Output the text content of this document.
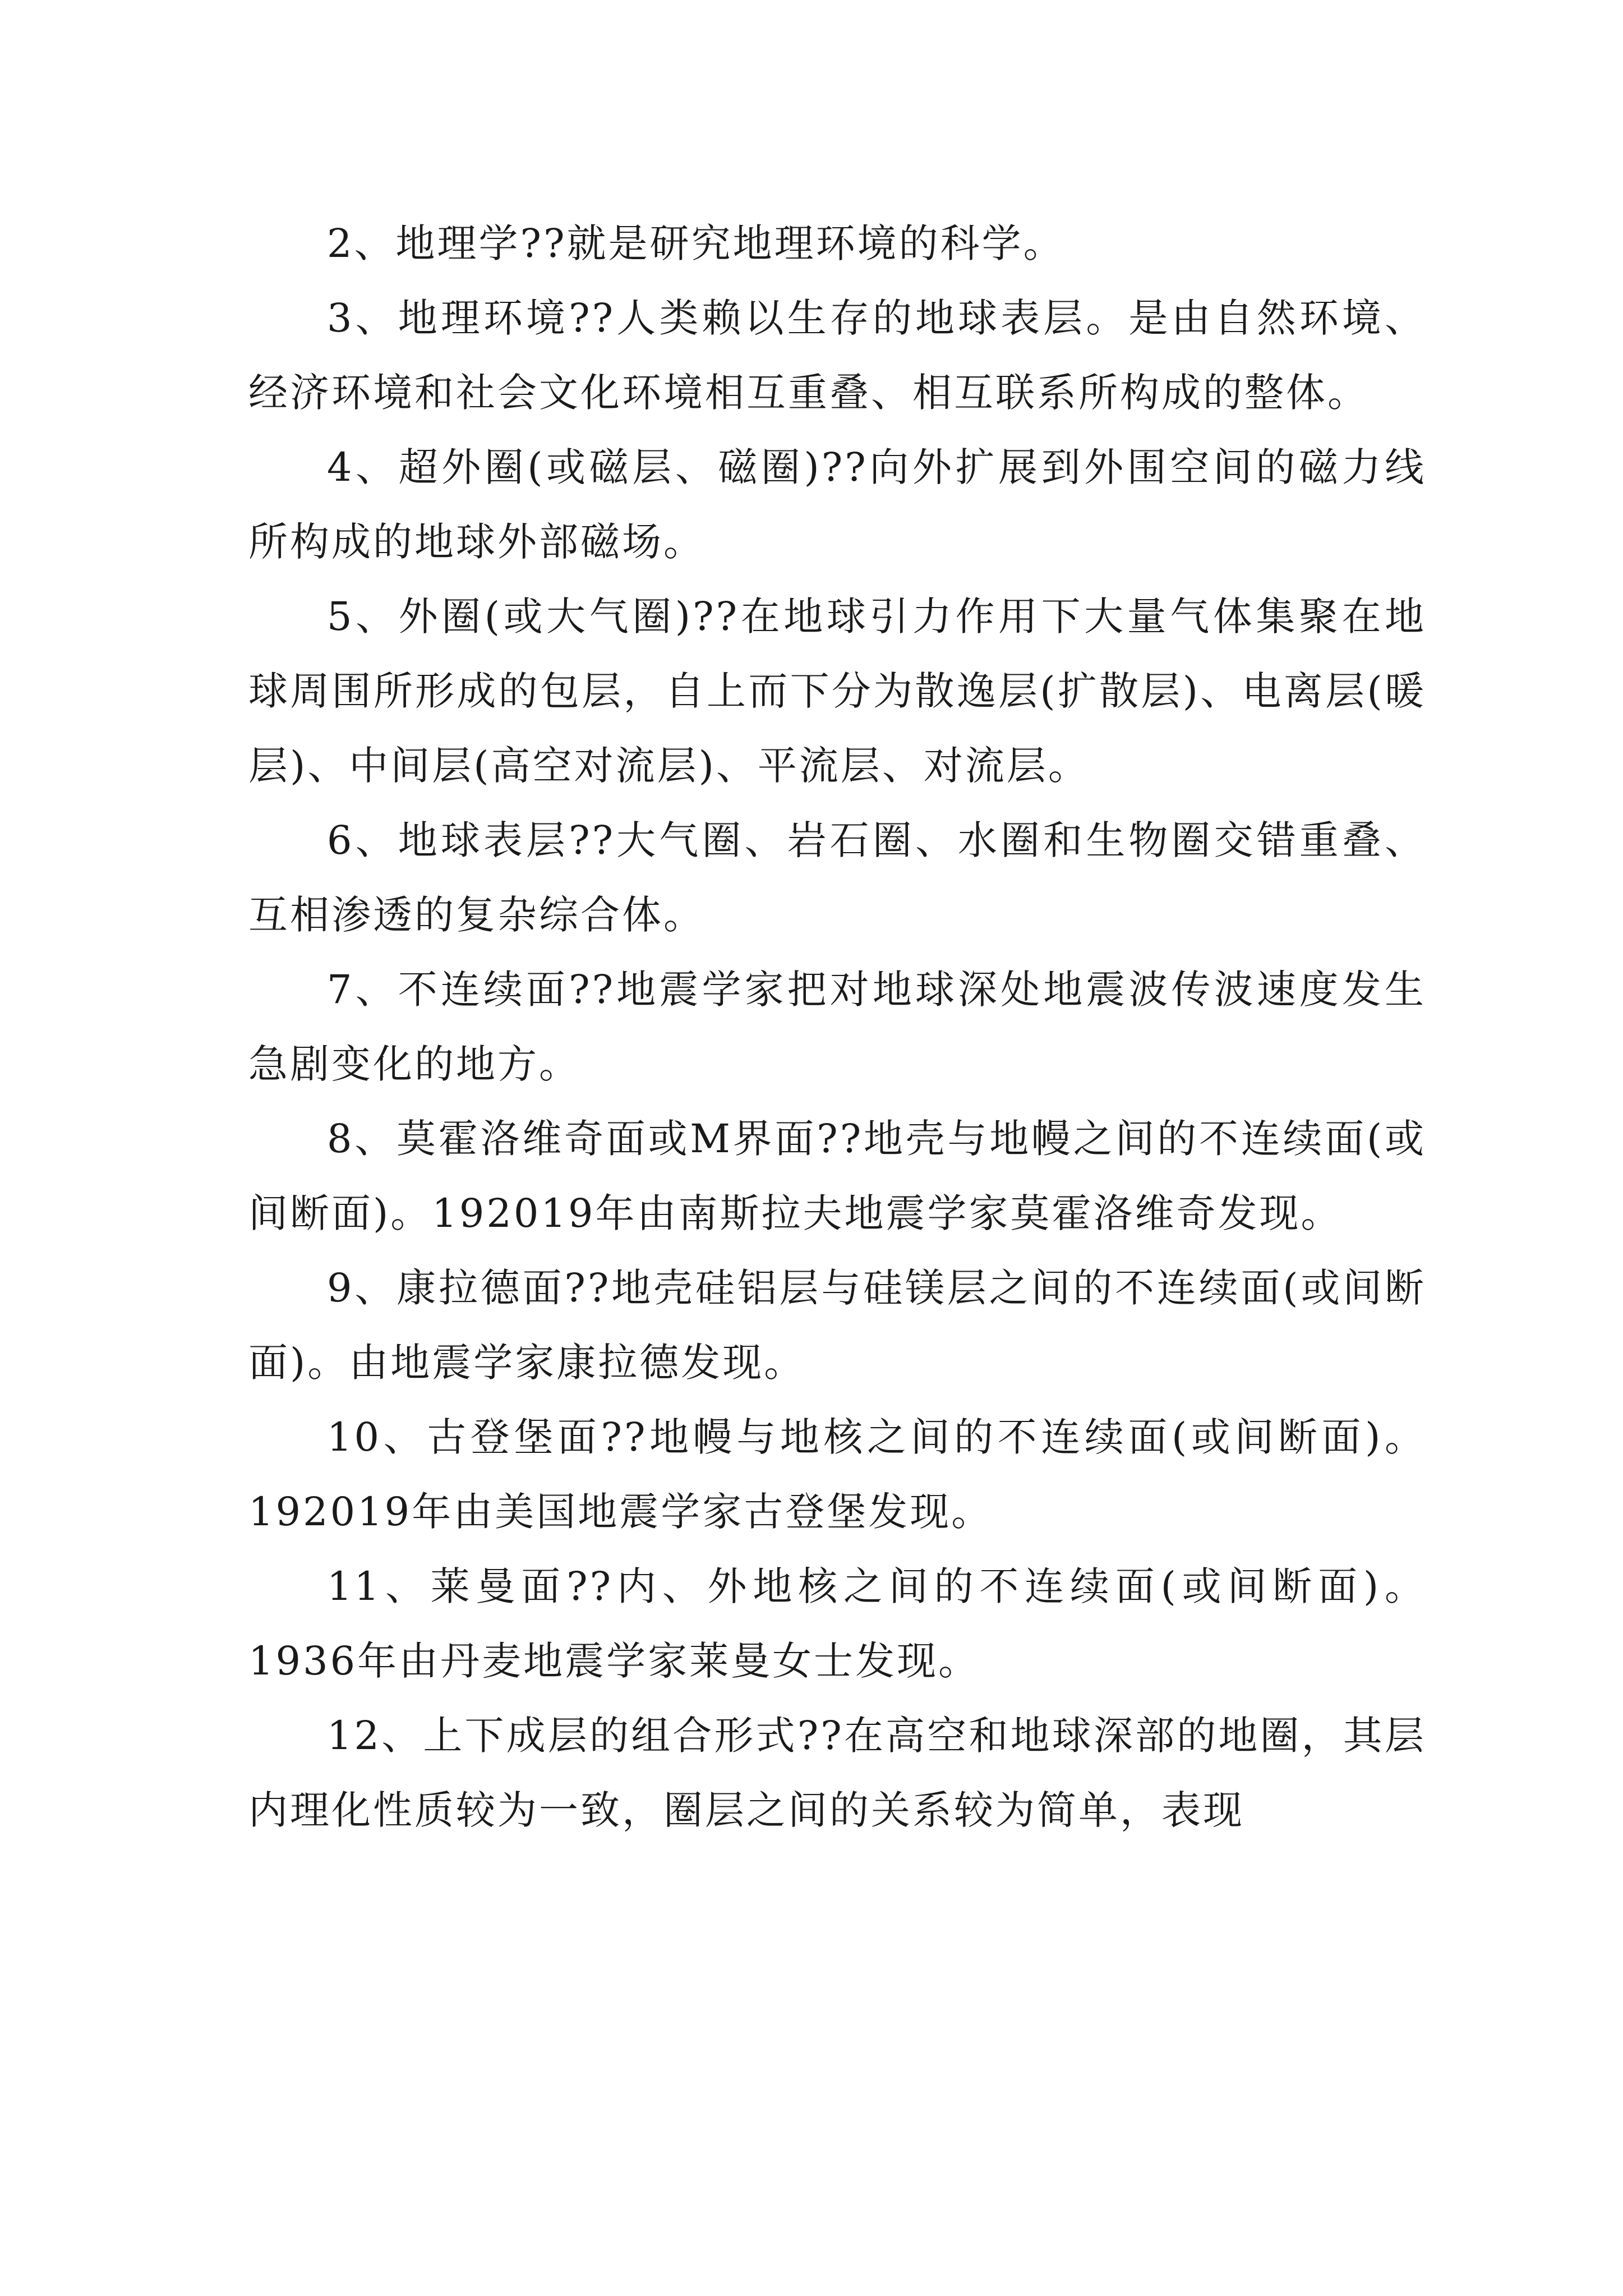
2、地理学??就是研究地理环境的科学。

3、地理环境??人类赖以生存的地球表层。是由自然环境、经济环境和社会文化环境相互重叠、相互联系所构成的整体。

4、超外圈(或磁层、磁圈)??向外扩展到外围空间的磁力线所构成的地球外部磁场。

5、外圈(或大气圈)??在地球引力作用下大量气体集聚在地球周围所形成的包层，自上而下分为散逸层(扩散层)、电离层(暖层)、中间层(高空对流层)、平流层、对流层。

6、地球表层??大气圈、岩石圈、水圈和生物圈交错重叠、互相渗透的复杂综合体。

7、不连续面??地震学家把对地球深处地震波传波速度发生急剧变化的地方。

8、莫霍洛维奇面或M界面??地壳与地幔之间的不连续面(或间断面)。192019年由南斯拉夫地震学家莫霍洛维奇发现。

9、康拉德面??地壳硅铝层与硅镁层之间的不连续面(或间断面)。由地震学家康拉德发现。

10、古登堡面??地幔与地核之间的不连续面(或间断面)。192019年由美国地震学家古登堡发现。

11、莱曼面??内、外地核之间的不连续面(或间断面)。1936年由丹麦地震学家莱曼女士发现。

12、上下成层的组合形式??在高空和地球深部的地圈，其层内理化性质较为一致，圈层之间的关系较为简单，表现
